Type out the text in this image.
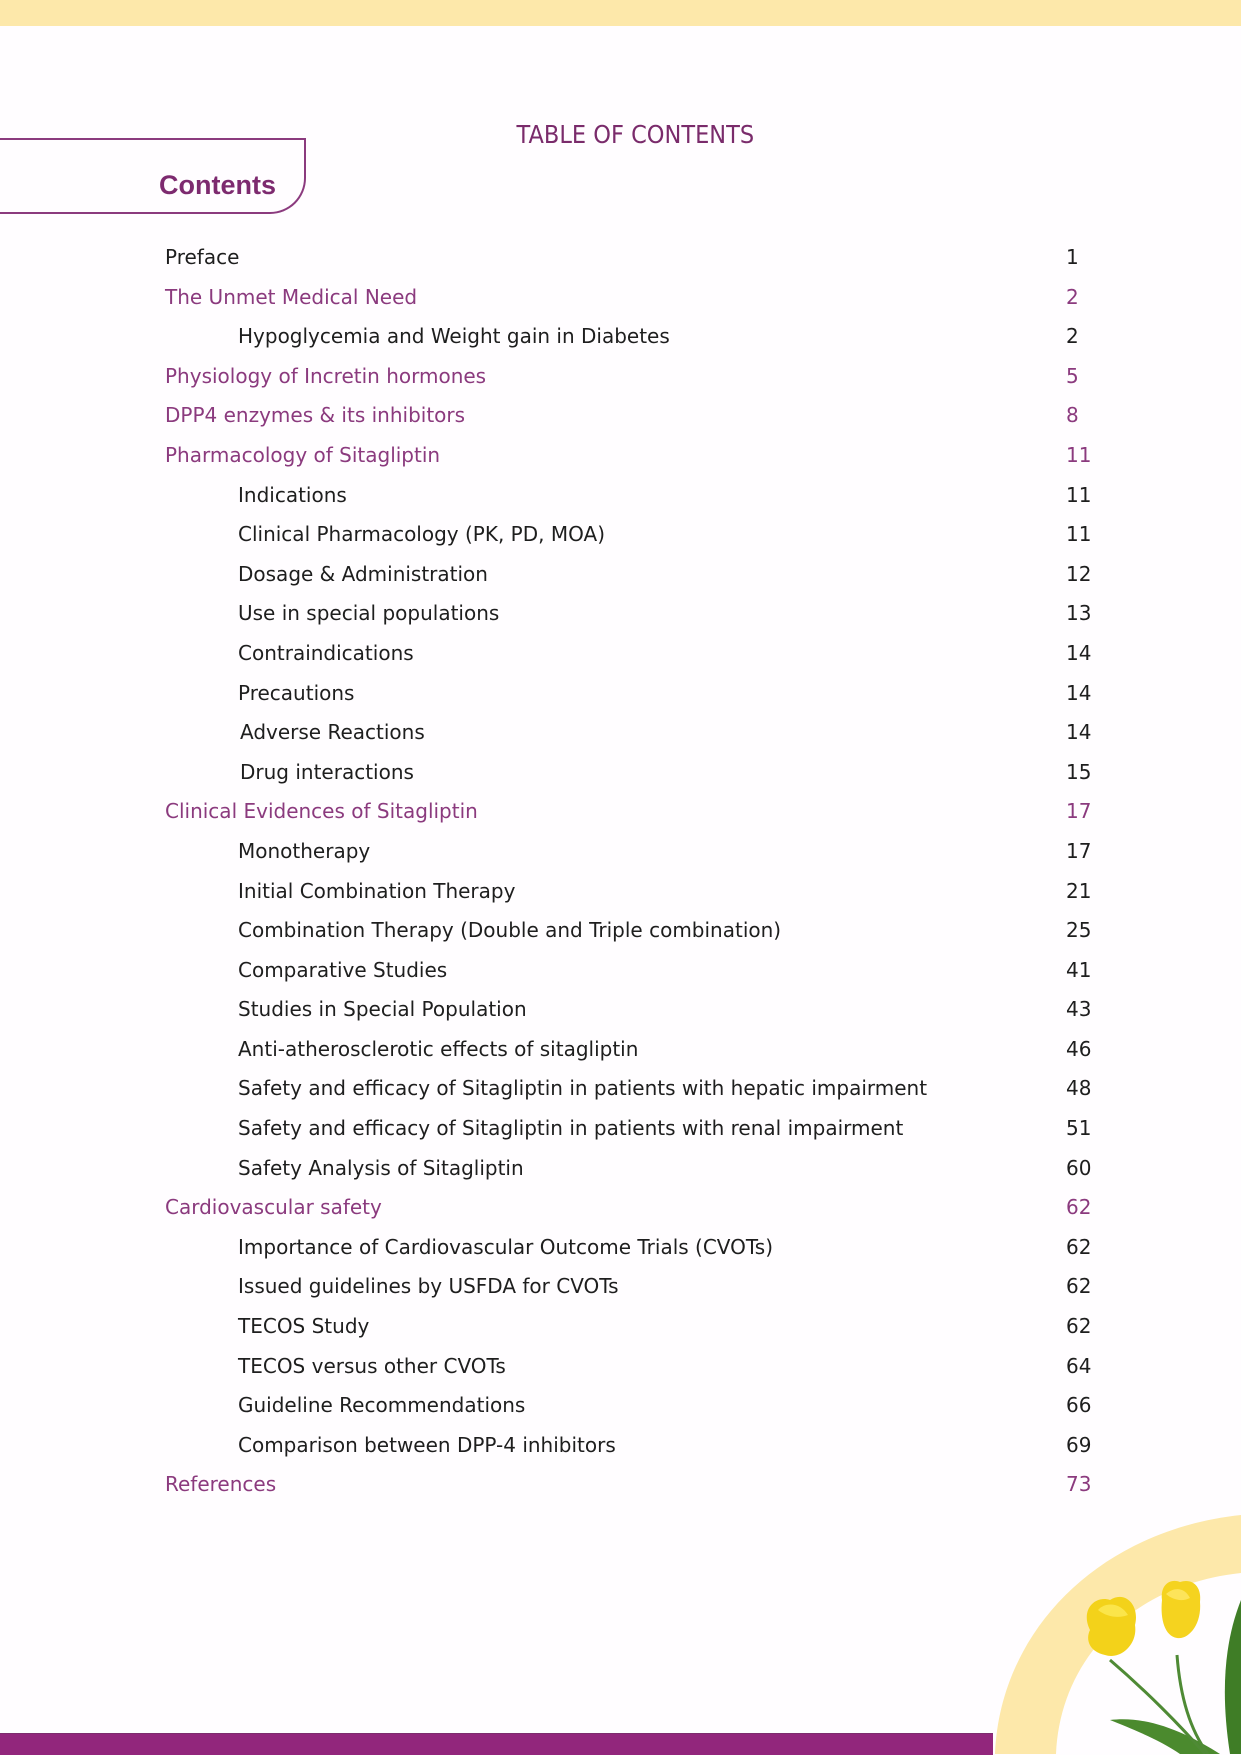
Contents
TABLE OF CONTENTS
Preface	1
The Unmet Medical Need	2
Hypoglycemia and Weight gain in Diabetes	2
Physiology of Incretin hormones	5
DPP4 enzymes & its inhibitors	8
Pharmacology of Sitagliptin	11
Indications	11
Clinical Pharmacology (PK, PD, MOA)	11
Dosage & Administration	12
Use in special populations	13
Contraindications	14
Precautions	14
Adverse Reactions	14
Drug interactions	15
Clinical Evidences of Sitagliptin	17
Monotherapy	17
Initial Combination Therapy	21
Combination Therapy (Double and Triple combination)	25
Comparative Studies	41
Studies in Special Population	43
Anti-atherosclerotic effects of sitagliptin	46
Safety and efficacy of Sitagliptin in patients with hepatic impairment	48
Safety and efficacy of Sitagliptin in patients with renal impairment	51
Safety Analysis of Sitagliptin	60
Cardiovascular safety	62
Importance of Cardiovascular Outcome Trials (CVOTs)	62
Issued guidelines by USFDA for CVOTs	62
TECOS Study	62
TECOS versus other CVOTs	64
Guideline Recommendations	66
Comparison between DPP-4 inhibitors	69
References	73
